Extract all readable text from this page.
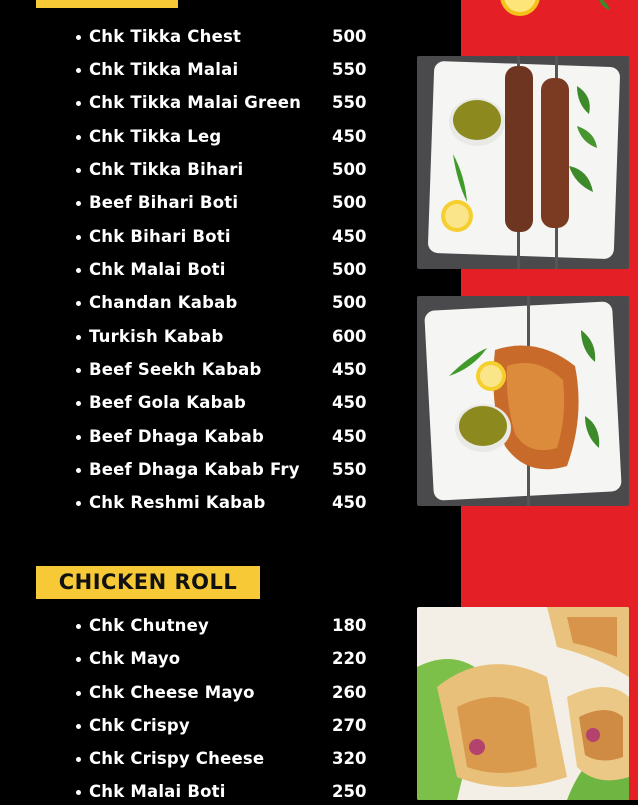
Chk Tikka Chest	500
Chk Tikka Malai	550
Chk Tikka Malai Green 550
Chk Tikka Leg	450
Chk Tikka Bihari	500
Beef Bihari Boti	500
Chk Bihari Boti	450
Chk Malai Boti	500
Chandan Kabab	500
Turkish Kabab	600
Beef Seekh Kabab	450
Beef Gola Kabab	450
Beef Dhaga Kabab	450
Beef Dhaga Kabab Fry 550
Chk Reshmi Kabab	450
CHICKEN ROLL
Chk Chutney	180
Chk Mayo	220
Chk Cheese Mayo	260
Chk Crispy	270
Chk Crispy Cheese	320
Chk Malai Boti	250
